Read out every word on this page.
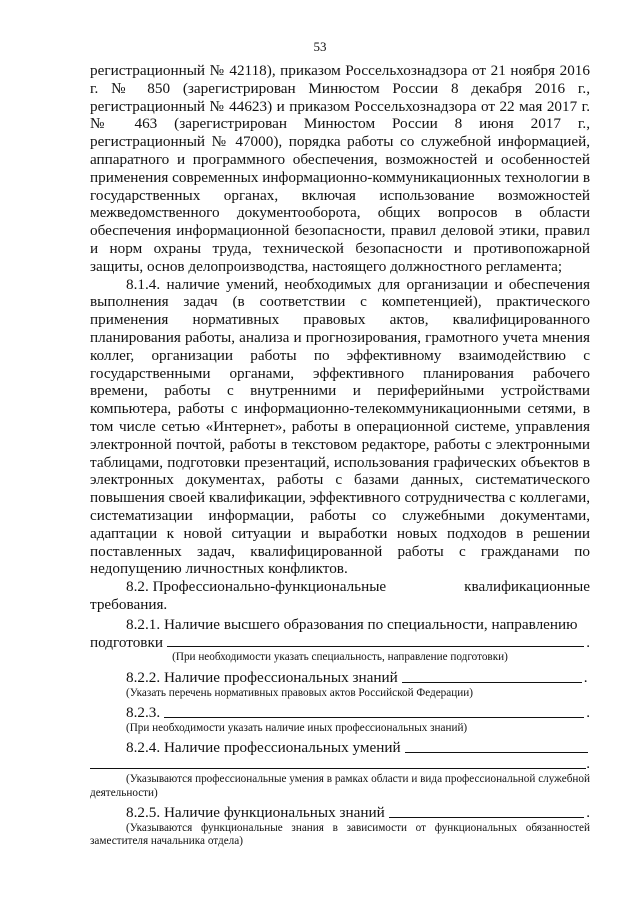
53

регистрационный № 42118), приказом Россельхознадзора от 21 ноября 2016 г. № 850 (зарегистрирован Минюстом России 8 декабря 2016 г., регистрационный № 44623) и приказом Россельхознадзора от 22 мая 2017 г. № 463 (зарегистрирован Минюстом России 8 июня 2017 г., регистрационный № 47000), порядка работы со служебной информацией, аппаратного и программного обеспечения, возможностей и особенностей применения современных информационно-коммуникационных технологии в государственных органах, включая использование возможностей межведомственного документооборота, общих вопросов в области обеспечения информационной безопасности, правил деловой этики, правил и норм охраны труда, технической безопасности и противопожарной защиты, основ делопроизводства, настоящего должностного регламента;

8.1.4. наличие умений, необходимых для организации и обеспечения выполнения задач (в соответствии с компетенцией), практического применения нормативных правовых актов, квалифицированного планирования работы, анализа и прогнозирования, грамотного учета мнения коллег, организации работы по эффективному взаимодействию с государственными органами, эффективного планирования рабочего времени, работы с внутренними и периферийными устройствами компьютера, работы с информационно-телекоммуникационными сетями, в том числе сетью «Интернет», работы в операционной системе, управления электронной почтой, работы в текстовом редакторе, работы с электронными таблицами, подготовки презентаций, использования графических объектов в электронных документах, работы с базами данных, систематического повышения своей квалификации, эффективного сотрудничества с коллегами, систематизации информации, работы со служебными документами, адаптации к новой ситуации и выработки новых подходов в решении поставленных задач, квалифицированной работы с гражданами по недопущению личностных конфликтов.

8.2. Профессионально-функциональные	квалификационные

требования.

8.2.1. Наличие высшего образования по специальности, направлению

подготовки	.

(При необходимости указать специальность, направление подготовки)

8.2.2. Наличие профессиональных знаний	.

(Указать перечень нормативных правовых актов Российской Федерации)

8.2.3.	.

(При необходимости указать наличие иных профессиональных знаний)

8.2.4. Наличие профессиональных умений
.

(Указываются профессиональные умения в рамках области и вида профессиональной служебной деятельности)

8.2.5. Наличие функциональных знаний	.

(Указываются функциональные знания в зависимости от функциональных обязанностей заместителя начальника отдела)
